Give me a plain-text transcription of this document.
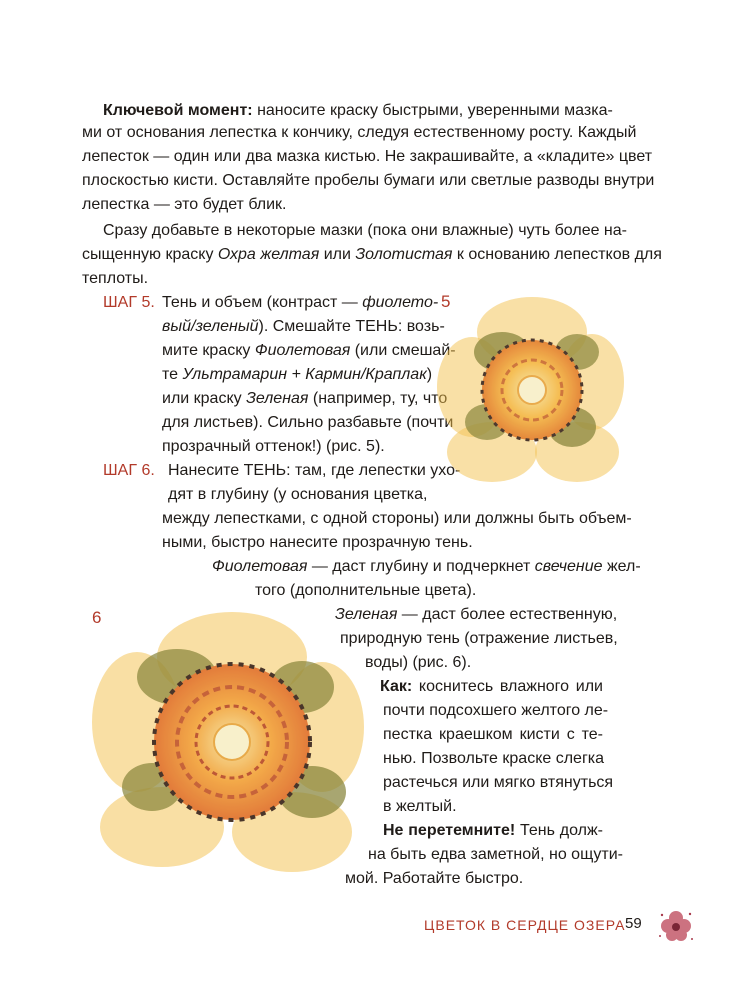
Ключевой момент: наносите краску быстрыми, уверенными мазка-
ми от основания лепестка к кончику, следуя естественному росту. Каждый
лепесток — один или два мазка кистью. Не закрашивайте, а «кладите» цвет
плоскостью кисти. Оставляйте пробелы бумаги или светлые разводы внутри
лепестка — это будет блик.
Сразу добавьте в некоторые мазки (пока они влажные) чуть более на-
сыщенную краску Охра желтая или Золотистая к основанию лепестков для
теплоты.
ШАГ 5. Тень и объем (контраст — фиолето-
вый/зеленый). Смешайте ТЕНЬ: возь-
мите краску Фиолетовая (или смешай-
те Ультрамарин + Кармин/Краплак)
или краску Зеленая (например, ту, что
для листьев). Сильно разбавьте (почти
прозрачный оттенок!) (рис. 5).
ШАГ 6. Нанесите ТЕНЬ: там, где лепестки ухо-
дят в глубину (у основания цветка,
между лепестками, с одной стороны) или должны быть объем-
ными, быстро нанесите прозрачную тень.
Фиолетовая — даст глубину и подчеркнет свечение жел-
того (дополнительные цвета).
Зеленая — даст более естественную,
природную тень (отражение листьев,
воды) (рис. 6).
Как: коснитесь влажного или
почти подсохшего желтого ле-
пестка краешком кисти с те-
нью. Позвольте краске слегка
растечься или мягко втянуться
в желтый.
Не перетемните! Тень долж-
на быть едва заметной, но ощути-
мой. Работайте быстро.
5
6
ЦВЕТОК В СЕРДЦЕ ОЗЕРА 59
